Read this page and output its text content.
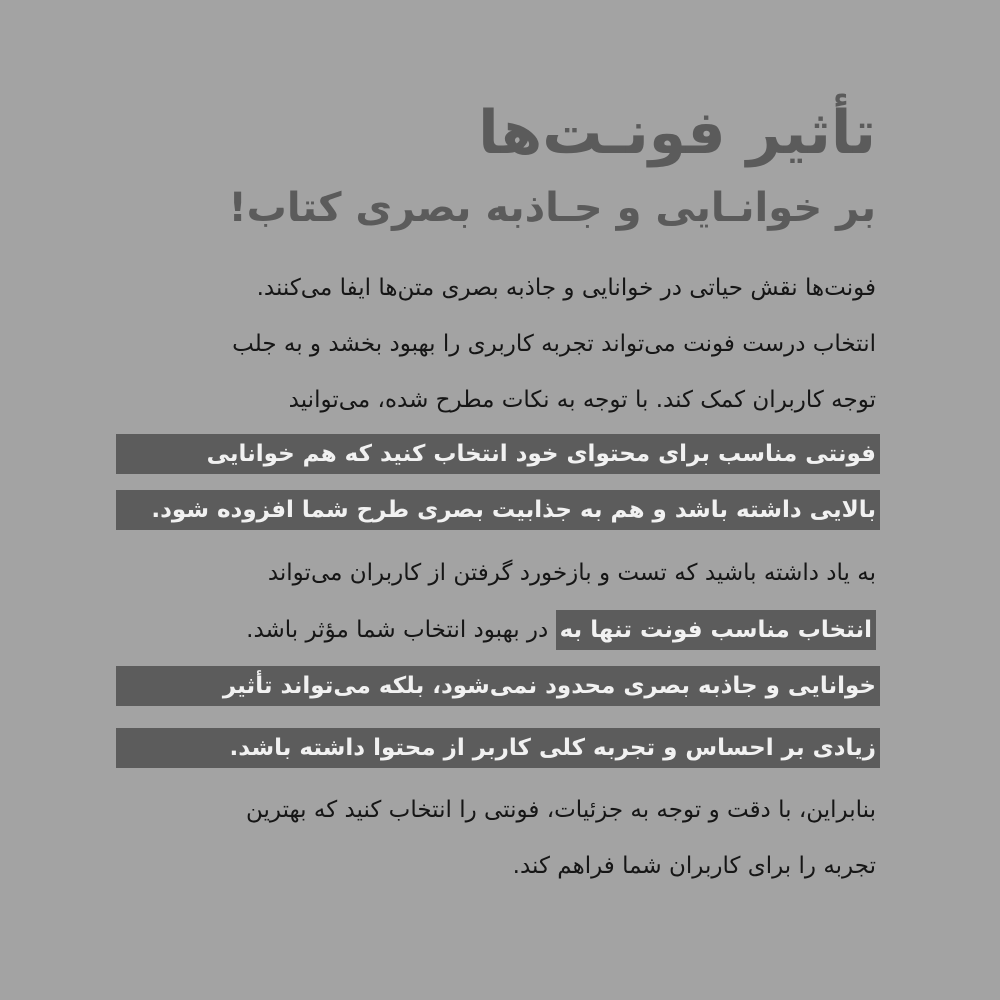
تأثیر فونـت‌ها
بر خوانـایی و جـاذبه بصری کتاب!
فونت‌ها نقش حیاتی در خوانایی و جاذبه بصری متن‌ها ایفا می‌کنند.
انتخاب درست فونت می‌تواند تجربه کاربری را بهبود بخشد و به جلب
توجه کاربران کمک کند. با توجه به نکات مطرح شده، می‌توانید
فونتی مناسب برای محتوای خود انتخاب کنید که هم خوانایی
بالایی داشته باشد و هم به جذابیت بصری طرح شما افزوده شود.
به یاد داشته باشید که تست و بازخورد گرفتن از کاربران می‌تواند
انتخاب مناسب فونت تنها به در بهبود انتخاب شما مؤثر باشد.
خوانایی و جاذبه بصری محدود نمی‌شود، بلکه می‌تواند تأثیر
زیادی بر احساس و تجربه کلی کاربر از محتوا داشته باشد.
بنابراین، با دقت و توجه به جزئیات، فونتی را انتخاب کنید که بهترین
تجربه را برای کاربران شما فراهم کند.
